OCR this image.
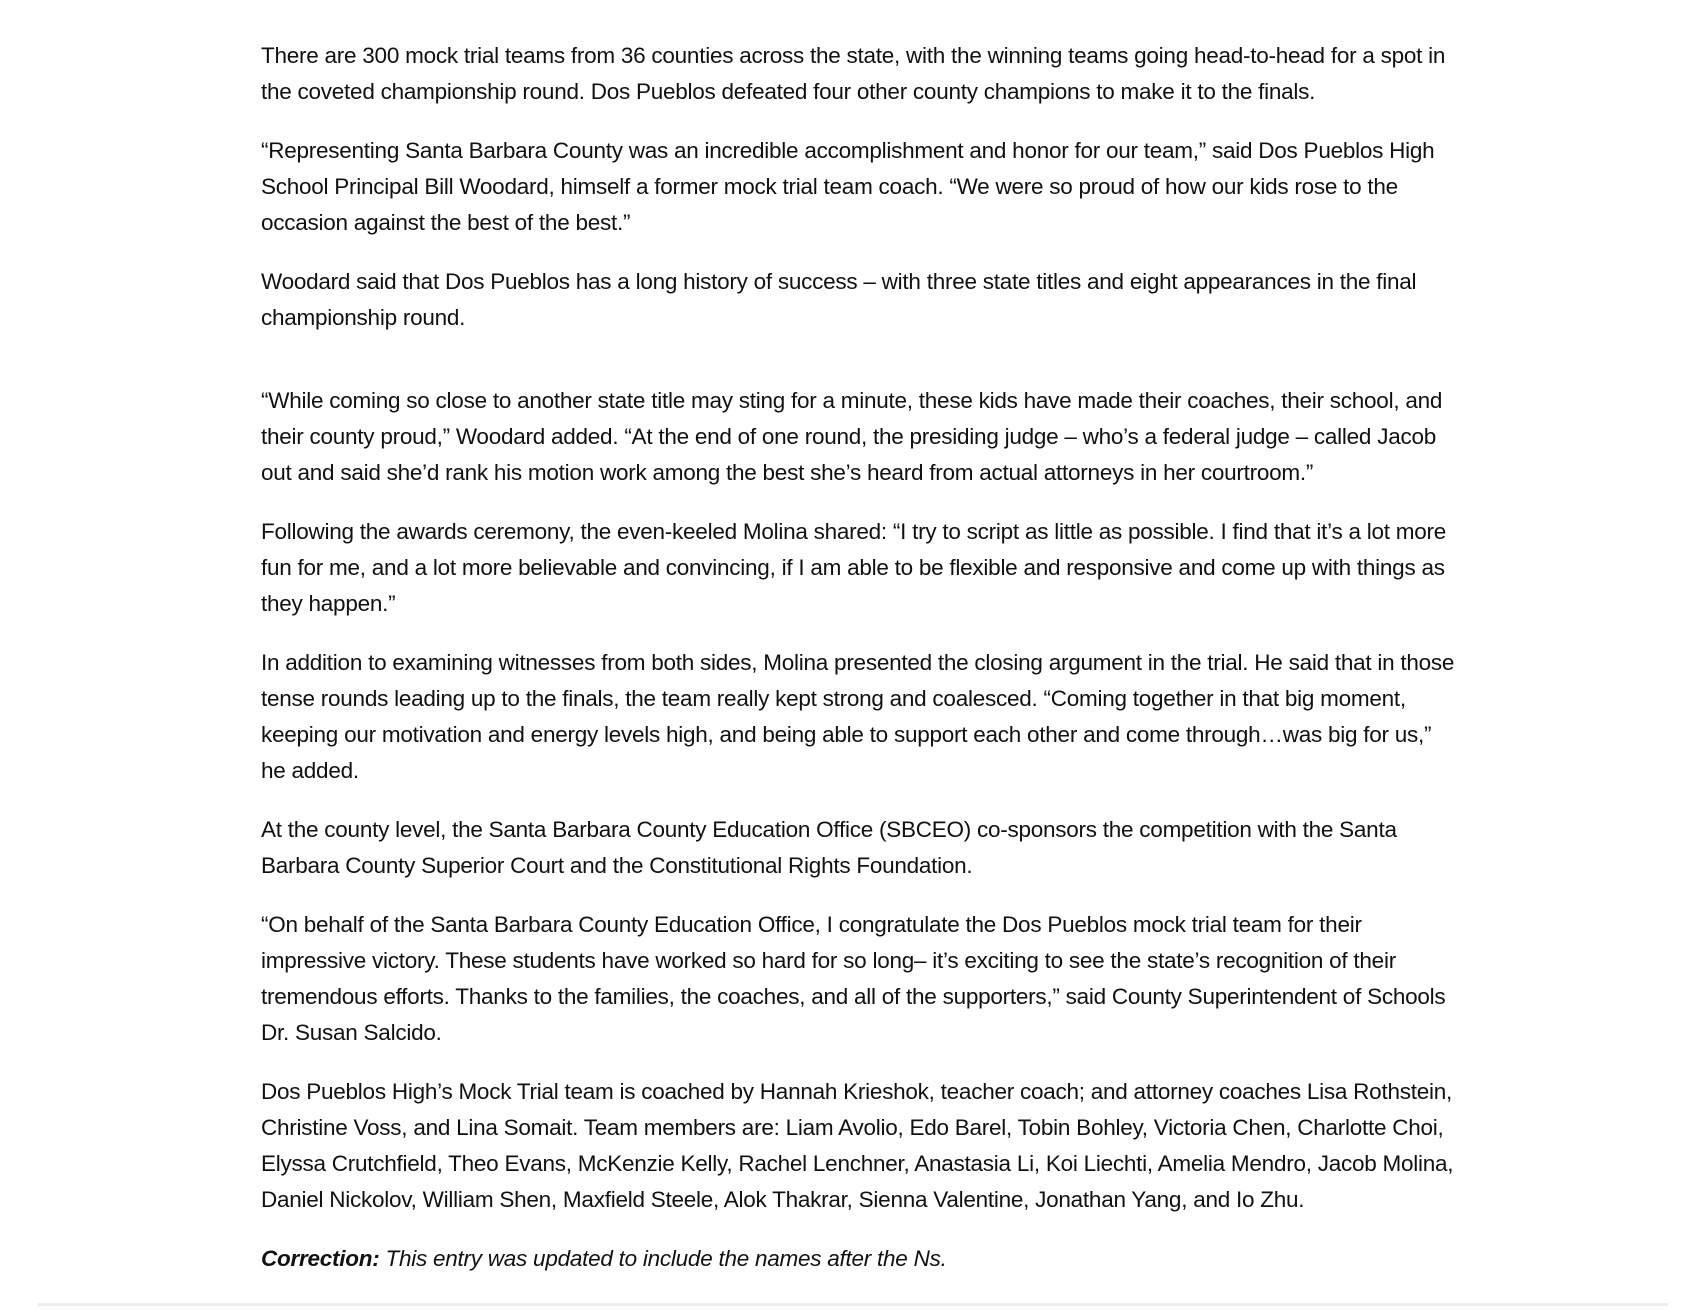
There are 300 mock trial teams from 36 counties across the state, with the winning teams going head-to-head for a spot in the coveted championship round. Dos Pueblos defeated four other county champions to make it to the finals.

“Representing Santa Barbara County was an incredible accomplishment and honor for our team,” said Dos Pueblos High School Principal Bill Woodard, himself a former mock trial team coach. “We were so proud of how our kids rose to the occasion against the best of the best.”

Woodard said that Dos Pueblos has a long history of success – with three state titles and eight appearances in the final championship round.

“While coming so close to another state title may sting for a minute, these kids have made their coaches, their school, and their county proud,” Woodard added. “At the end of one round, the presiding judge – who’s a federal judge – called Jacob out and said she’d rank his motion work among the best she’s heard from actual attorneys in her courtroom.”

Following the awards ceremony, the even-keeled Molina shared: “I try to script as little as possible. I find that it’s a lot more fun for me, and a lot more believable and convincing, if I am able to be flexible and responsive and come up with things as they happen.”

In addition to examining witnesses from both sides, Molina presented the closing argument in the trial. He said that in those tense rounds leading up to the finals, the team really kept strong and coalesced. “Coming together in that big moment, keeping our motivation and energy levels high, and being able to support each other and come through…was big for us,” he added.

At the county level, the Santa Barbara County Education Office (SBCEO) co-sponsors the competition with the Santa Barbara County Superior Court and the Constitutional Rights Foundation.

“On behalf of the Santa Barbara County Education Office, I congratulate the Dos Pueblos mock trial team for their impressive victory. These students have worked so hard for so long– it’s exciting to see the state’s recognition of their tremendous efforts. Thanks to the families, the coaches, and all of the supporters,” said County Superintendent of Schools Dr. Susan Salcido.

Dos Pueblos High’s Mock Trial team is coached by Hannah Krieshok, teacher coach; and attorney coaches Lisa Rothstein, Christine Voss, and Lina Somait. Team members are: Liam Avolio, Edo Barel, Tobin Bohley, Victoria Chen, Charlotte Choi, Elyssa Crutchfield, Theo Evans, McKenzie Kelly, Rachel Lenchner, Anastasia Li, Koi Liechti, Amelia Mendro, Jacob Molina, Daniel Nickolov, William Shen, Maxfield Steele, Alok Thakrar, Sienna Valentine, Jonathan Yang, and Io Zhu.

Correction: This entry was updated to include the names after the Ns.
